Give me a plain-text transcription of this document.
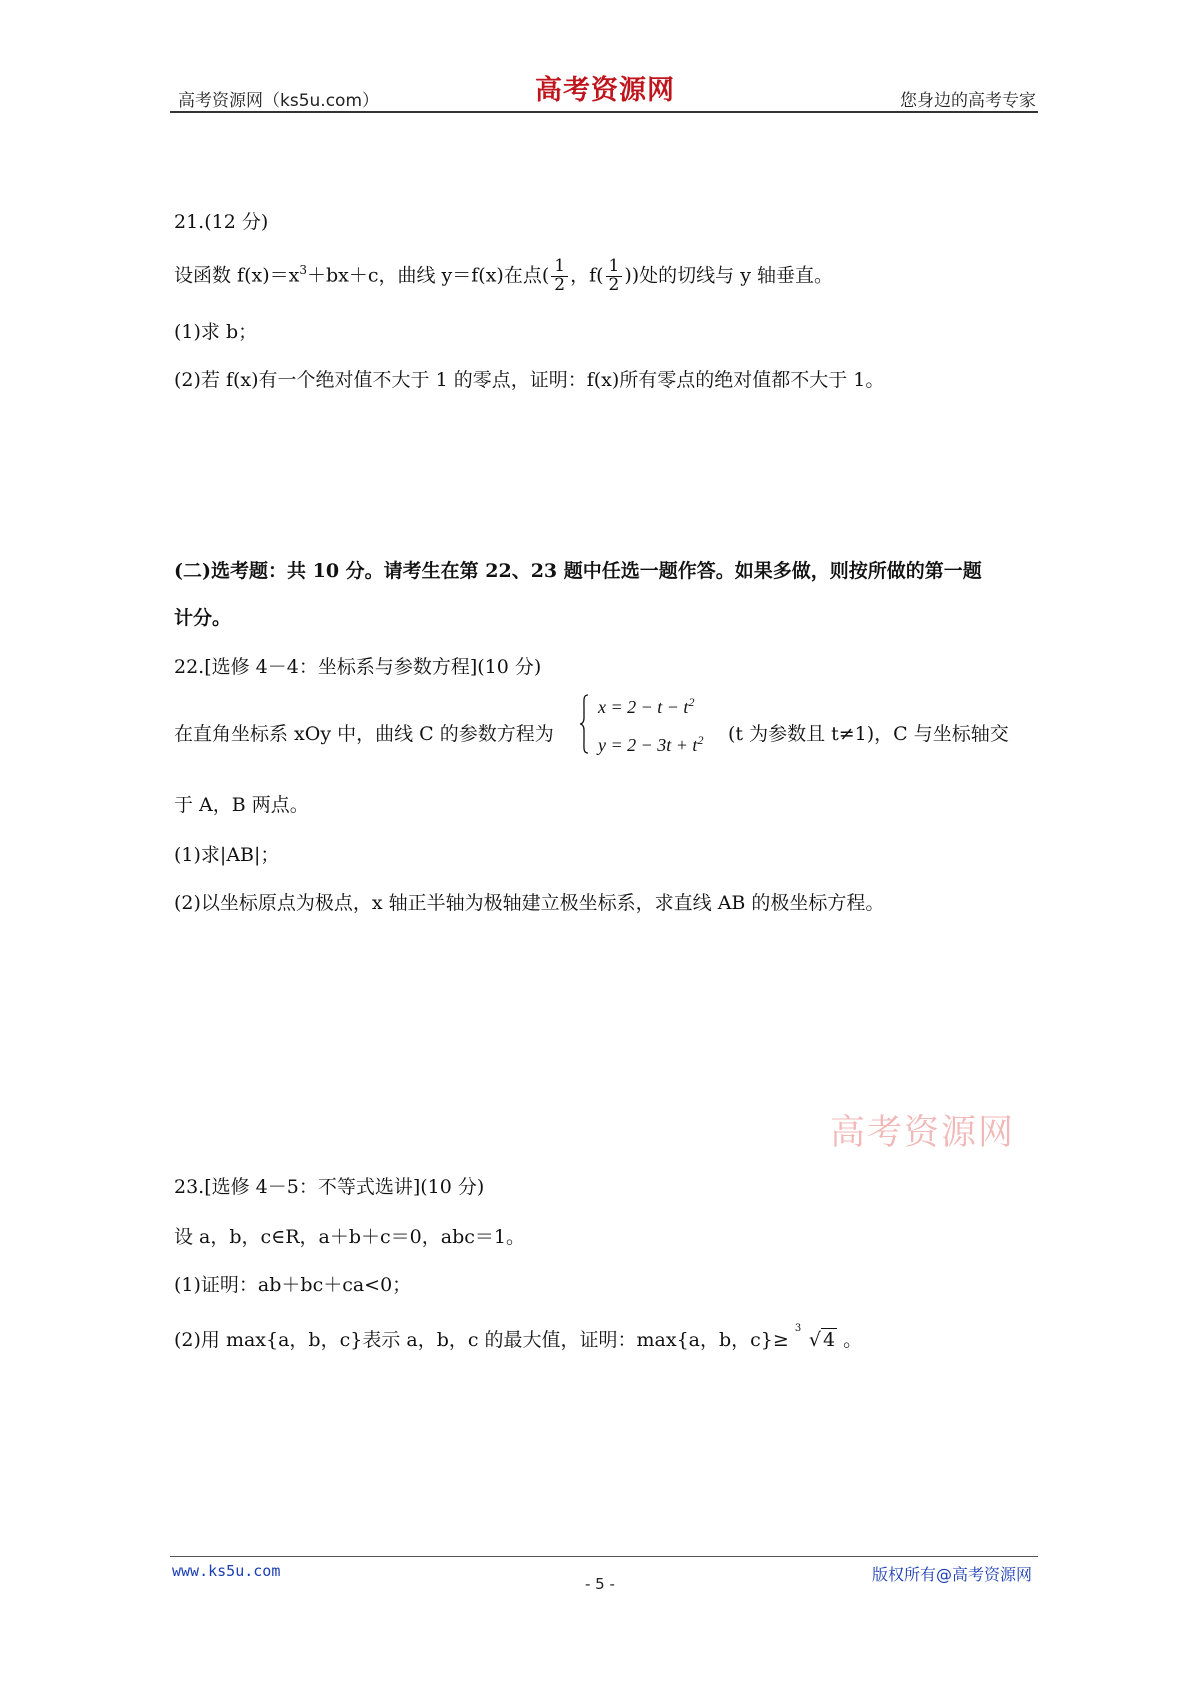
高考资源网（ks5u.com）	高考资源网	您身边的高考专家
21.(12 分)
设函数 $f(x)=x^3+bx+c$，曲线 y＝f(x)在点( $\frac{1}{2}$ ，$f( \frac{1}{2}$ ))处的切线与 y 轴垂直。
(1)求 b；
(2)若 f(x)有一个绝对值不大于 1 的零点，证明：f(x)所有零点的绝对值都不大于 1。
(二)选考题：共 10 分。请考生在第 22、23 题中任选一题作答。如果多做，则按所做的第一题
计分。
22.[选修 4－4：坐标系与参数方程](10 分)
在直角坐标系 xOy 中，曲线 C 的参数方程为
$x = 2 - t - t^2$
$y = 2 - 3t + t^2$ (t 为参数且 t≠1)，C 与坐标轴交
于 A，B 两点。
(1)求|AB|；
(2)以坐标原点为极点，x 轴正半轴为极轴建立极坐标系，求直线 AB 的极坐标方程。
高考资源网
23.[选修 4－5：不等式选讲](10 分)
设 a，b，c∈R，a＋b＋c＝0，abc＝1。
(1)证明：ab＋bc＋ca<0；
(2)用 max{a，b，c}表示 a，b，c 的最大值，证明：max{a，b，c}≥
3
√ 4 。
www.ks5u.com
- 5 -	版权所有@高考资源网
